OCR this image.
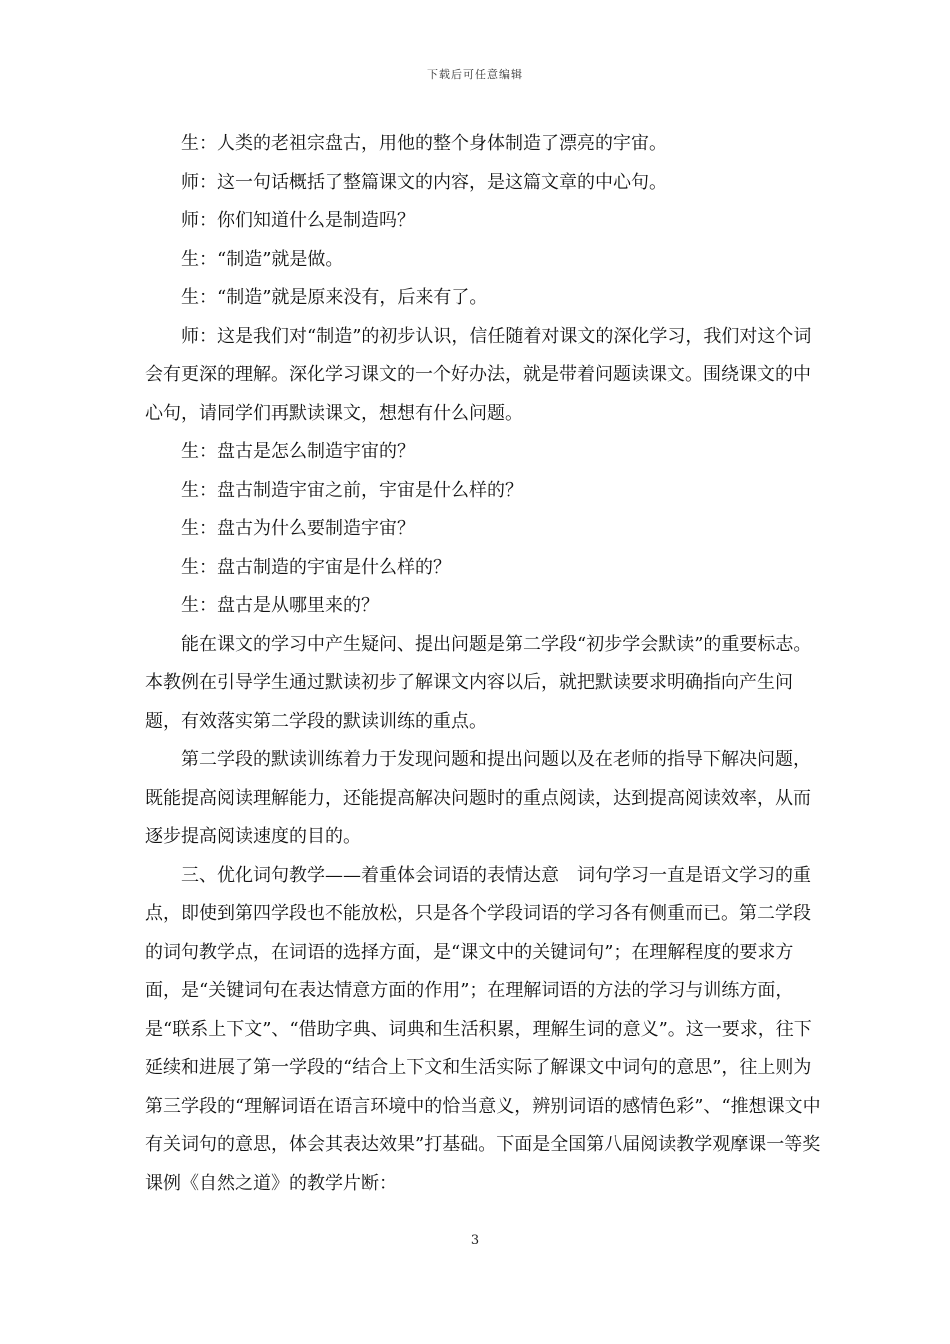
下载后可任意编辑

生：人类的老祖宗盘古，用他的整个身体制造了漂亮的宇宙。

师：这一句话概括了整篇课文的内容，是这篇文章的中心句。

师：你们知道什么是制造吗？

生：“制造”就是做。

生：“制造”就是原来没有，后来有了。

师：这是我们对“制造”的初步认识，信任随着对课文的深化学习，我们对这个词会有更深的理解。深化学习课文的一个好办法，就是带着问题读课文。围绕课文的中心句，请同学们再默读课文，想想有什么问题。

生：盘古是怎么制造宇宙的？

生：盘古制造宇宙之前，宇宙是什么样的？

生：盘古为什么要制造宇宙？

生：盘古制造的宇宙是什么样的？

生：盘古是从哪里来的？

能在课文的学习中产生疑问、提出问题是第二学段“初步学会默读”的重要标志。本教例在引导学生通过默读初步了解课文内容以后，就把默读要求明确指向产生问题，有效落实第二学段的默读训练的重点。

第二学段的默读训练着力于发现问题和提出问题以及在老师的指导下解决问题，既能提高阅读理解能力，还能提高解决问题时的重点阅读，达到提高阅读效率，从而逐步提高阅读速度的目的。

三、优化词句教学——着重体会词语的表情达意　词句学习一直是语文学习的重点，即使到第四学段也不能放松，只是各个学段词语的学习各有侧重而已。第二学段的词句教学点，在词语的选择方面，是“课文中的关键词句”；在理解程度的要求方面，是“关键词句在表达情意方面的作用”；在理解词语的方法的学习与训练方面，是“联系上下文”、“借助字典、词典和生活积累，理解生词的意义”。这一要求，往下延续和进展了第一学段的“结合上下文和生活实际了解课文中词句的意思”，往上则为第三学段的“理解词语在语言环境中的恰当意义，辨别词语的感情色彩”、“推想课文中有关词句的意思，体会其表达效果”打基础。下面是全国第八届阅读教学观摩课一等奖课例《自然之道》的教学片断：

3
